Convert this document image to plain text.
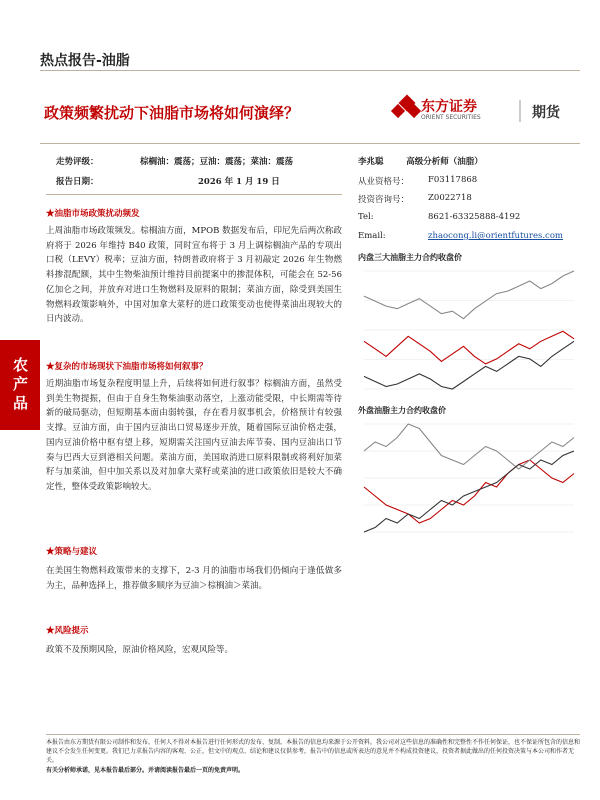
热点报告-油脂
政策频繁扰动下油脂市场将如何演绎？	东方证券
ORIENT SECURITIES	期货
农产品
走势评级：	棕榈油：震荡；豆油：震荡；菜油：震荡
报告日期：	2026 年 1 月 19 日
★油脂市场政策扰动频发
上周油脂市场政策频发。棕榈油方面，MPOB 数据发布后，印尼先后两次称政府将于 2026 年维持 B40 政策，同时宣布将于 3 月上调棕榈油产品的专项出口税（LEVY）税率；豆油方面，特朗普政府将于 3 月初敲定 2026 年生物燃料掺混配额，其中生物柴油预计维持目前提案中的掺混体积，可能会在 52-56 亿加仑之间，并放弃对进口生物燃料及原料的限制；菜油方面，除受到美国生物燃料政策影响外，中国对加拿大菜籽的进口政策变动也使得菜油出现较大的日内波动。
★复杂的市场现状下油脂市场将如何叙事？
近期油脂市场复杂程度明显上升，后续将如何进行叙事？棕榈油方面，虽然受到美生物提振，但由于自身生物柴油驱动落空，上涨动能受限，中长期需等待新的破局驱动，但短期基本面由弱转强，存在看月叙事机会，价格预计有较强支撑。豆油方面，由于国内豆油出口贸易逐步开放，随着国际豆油价格走强，国内豆油价格中枢有望上移，短期需关注国内豆油去库节奏、国内豆油出口节奏与巴西大豆到港相关问题。菜油方面，美国取消进口原料限制或将利好加菜籽与加菜油，但中加关系以及对加拿大菜籽或菜油的进口政策依旧是较大不确定性，整体受政策影响较大。
★策略与建议
在美国生物燃料政策带来的支撑下，2-3 月的油脂市场我们仍倾向于逢低做多为主，品种选择上，推荐做多顺序为豆油＞棕榈油＞菜油。
★风险提示
政策不及预期风险，原油价格风险，宏观风险等。
李兆聪	高级分析师（油脂）
从业资格号： F03117868
投资咨询号： Z0022718
Tel:	8621-63325888-4192
Email:	zhaocong.li@orientfutures.com
内盘三大油脂主力合约收盘价
外盘油脂主力合约收盘价
本报告由东方期货有限公司制作和发布。任何人不得对本报告进行任何形式的发布、复制。本报告的信息均来源于公开资料，我公司对这些信息的准确性和完整性不作任何保证，也不保证所包含的信息和建议不会发生任何变更。我们已力求报告内容的客观、公正，但文中的观点、结论和建议仅供参考，报告中的信息或所表达的意见并不构成投资建议，投资者据此做出的任何投资决策与本公司和作者无关。
有关分析师承诺，见本报告最后部分。并请阅读报告最后一页的免责声明。
